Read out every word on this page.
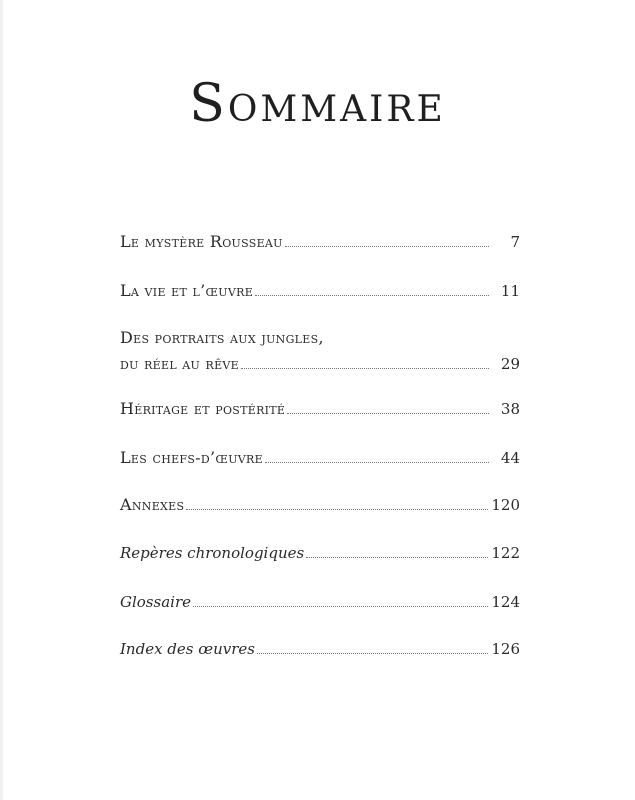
Sommaire
Le mystère Rousseau	7
La vie et l’œuvre	11
Des portraits aux jungles,
du réel au rêve	29
Héritage et postérité	38
Les chefs-d’œuvre	44
Annexes	120
Repères chronologiques	122
Glossaire	124
Index des œuvres	126
